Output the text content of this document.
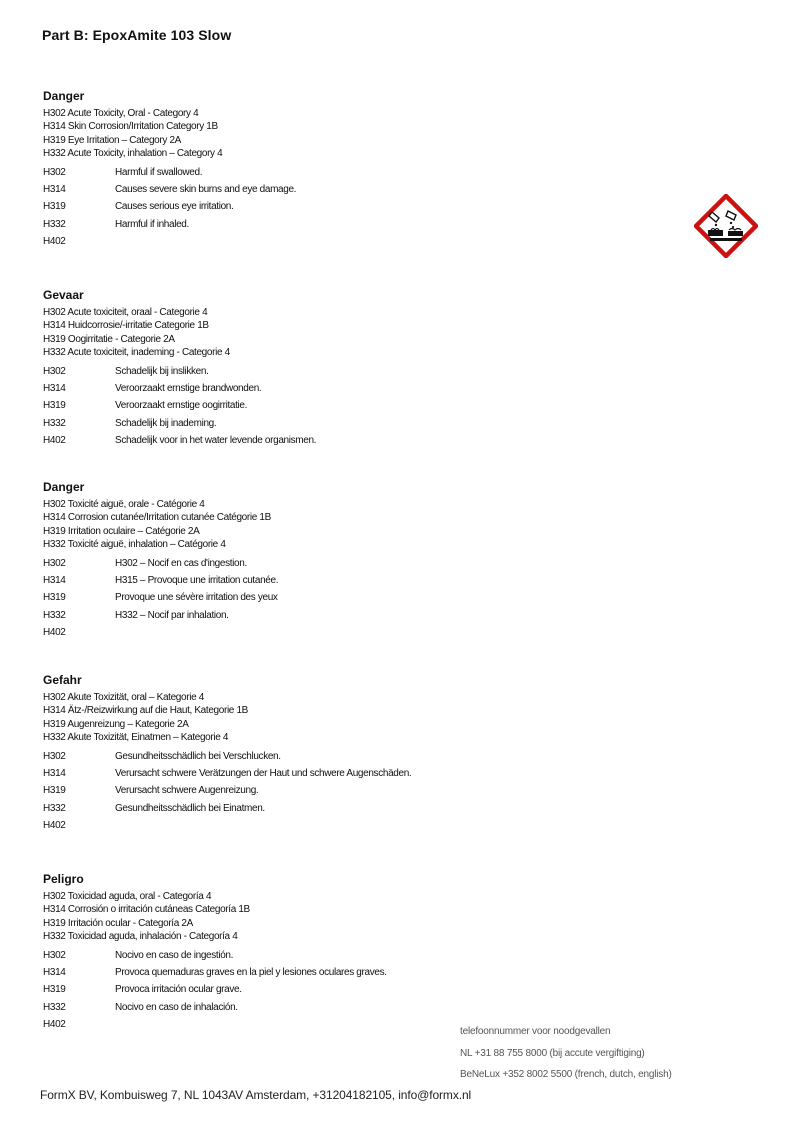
Part B: EpoxAmite 103 Slow
Danger
H302 Acute Toxicity, Oral - Category 4
H314 Skin Corrosion/Irritation Category 1B
H319 Eye Irritation – Category 2A
H332 Acute Toxicity, inhalation – Category 4
H302	Harmful if swallowed.
H314	Causes severe skin burns and eye damage.
H319	Causes serious eye irritation.
H332	Harmful if inhaled.
H402
Gevaar
H302 Acute toxiciteit, oraal - Categorie 4
H314 Huidcorrosie/-irritatie Categorie 1B
H319 Oogirritatie - Categorie 2A
H332 Acute toxiciteit, inademing - Categorie 4
H302	Schadelijk bij inslikken.
H314	Veroorzaakt ernstige brandwonden.
H319	Veroorzaakt ernstige oogirritatie.
H332	Schadelijk bij inademing.
H402	Schadelijk voor in het water levende organismen.
Danger
H302 Toxicité aiguë, orale - Catégorie 4
H314 Corrosion cutanée/Irritation cutanée Catégorie 1B
H319 Irritation oculaire – Catégorie 2A
H332 Toxicité aiguë, inhalation – Catégorie 4
H302	H302 – Nocif en cas d'ingestion.
H314	H315 – Provoque une irritation cutanée.
H319	Provoque une sévère irritation des yeux
H332	H332 – Nocif par inhalation.
H402
Gefahr
H302 Akute Toxizität, oral – Kategorie 4
H314 Ätz-/Reizwirkung auf die Haut, Kategorie 1B
H319 Augenreizung – Kategorie 2A
H332 Akute Toxizität, Einatmen – Kategorie 4
H302	Gesundheitsschädlich bei Verschlucken.
H314	Verursacht schwere Verätzungen der Haut und schwere Augenschäden.
H319	Verursacht schwere Augenreizung.
H332	Gesundheitsschädlich bei Einatmen.
H402
Peligro
H302 Toxicidad aguda, oral - Categoría 4
H314 Corrosión o irritación cutáneas Categoría 1B
H319 Irritación ocular - Categoría 2A
H332 Toxicidad aguda, inhalación - Categoría 4
H302	Nocivo en caso de ingestión.
H314	Provoca quemaduras graves en la piel y lesiones oculares graves.
H319	Provoca irritación ocular grave.
H332	Nocivo en caso de inhalación.
H402
telefoonnummer voor noodgevallen
NL +31 88 755 8000 (bij accute vergiftiging)
BeNeLux +352 8002 5500 (french, dutch, english)
FormX BV, Kombuisweg 7, NL 1043AV Amsterdam, +31204182105, info@formx.nl
